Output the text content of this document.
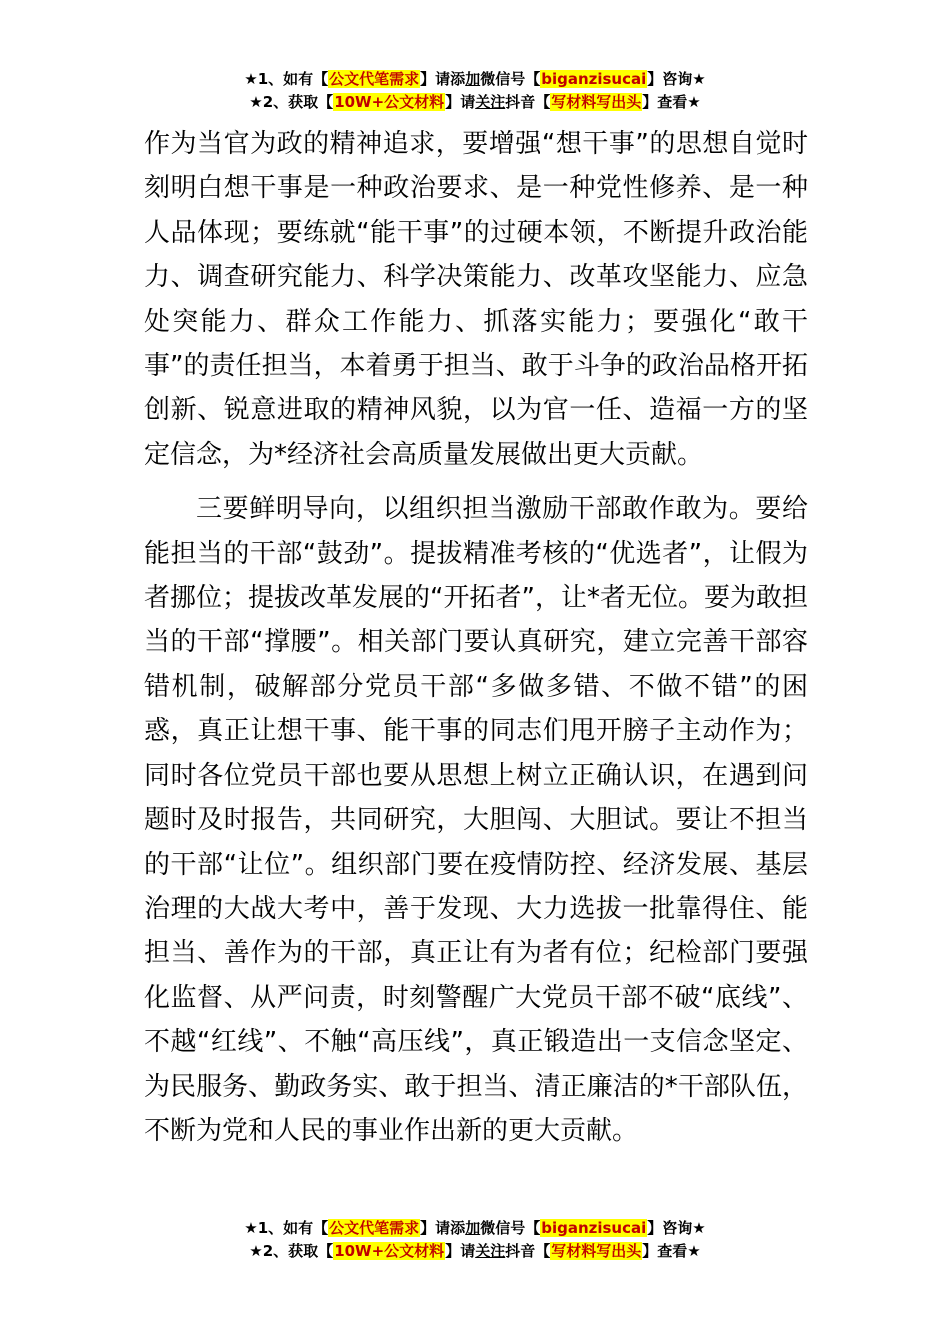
★1、如有【公文代笔需求】请添加微信号【biganzisucai】咨询★
★2、获取【10W+公文材料】请关注抖音【写材料写出头】查看★

作为当官为政的精神追求，要增强“想干事”的思想自觉时刻明白想干事是一种政治要求、是一种党性修养、是一种人品体现；要练就“能干事”的过硬本领，不断提升政治能力、调查研究能力、科学决策能力、改革攻坚能力、应急处突能力、群众工作能力、抓落实能力；要强化“敢干事”的责任担当，本着勇于担当、敢于斗争的政治品格开拓创新、锐意进取的精神风貌，以为官一任、造福一方的坚定信念，为*经济社会高质量发展做出更大贡献。

三要鲜明导向，以组织担当激励干部敢作敢为。要给能担当的干部“鼓劲”。提拔精准考核的“优选者”，让假为者挪位；提拔改革发展的“开拓者”，让*者无位。要为敢担当的干部“撑腰”。相关部门要认真研究，建立完善干部容错机制，破解部分党员干部“多做多错、不做不错”的困惑，真正让想干事、能干事的同志们甩开膀子主动作为；同时各位党员干部也要从思想上树立正确认识，在遇到问题时及时报告，共同研究，大胆闯、大胆试。要让不担当的干部“让位”。组织部门要在疫情防控、经济发展、基层治理的大战大考中，善于发现、大力选拔一批靠得住、能担当、善作为的干部，真正让有为者有位；纪检部门要强化监督、从严问责，时刻警醒广大党员干部不破“底线”、不越“红线”、不触“高压线”，真正锻造出一支信念坚定、为民服务、勤政务实、敢于担当、清正廉洁的*干部队伍，不断为党和人民的事业作出新的更大贡献。

★1、如有【公文代笔需求】请添加微信号【biganzisucai】咨询★
★2、获取【10W+公文材料】请关注抖音【写材料写出头】查看★
